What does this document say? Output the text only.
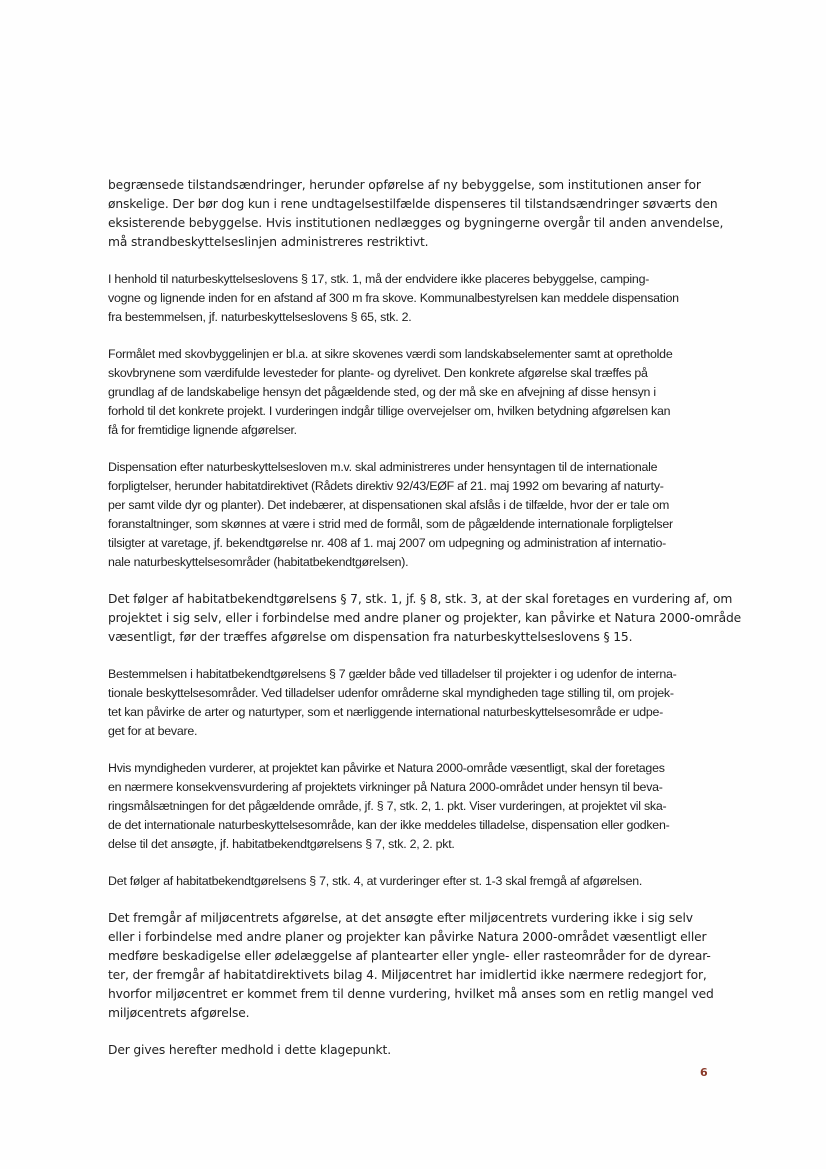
begrænsede tilstandsændringer, herunder opførelse af ny bebyggelse, som institutionen anser for
ønskelige. Der bør dog kun i rene undtagelsestilfælde dispenseres til tilstandsændringer søværts den
eksisterende bebyggelse. Hvis institutionen nedlægges og bygningerne overgår til anden anvendelse,
må strandbeskyttelseslinjen administreres restriktivt.

I henhold til naturbeskyttelseslovens § 17, stk. 1, må der endvidere ikke placeres bebyggelse, camping-
vogne og lignende inden for en afstand af 300 m fra skove. Kommunalbestyrelsen kan meddele dispensation
fra bestemmelsen, jf. naturbeskyttelseslovens § 65, stk. 2.

Formålet med skovbyggelinjen er bl.a. at sikre skovenes værdi som landskabselementer samt at opretholde
skovbrynene som værdifulde levesteder for plante- og dyrelivet. Den konkrete afgørelse skal træffes på
grundlag af de landskabelige hensyn det pågældende sted, og der må ske en afvejning af disse hensyn i
forhold til det konkrete projekt. I vurderingen indgår tillige overvejelser om, hvilken betydning afgørelsen kan
få for fremtidige lignende afgørelser.

Dispensation efter naturbeskyttelsesloven m.v. skal administreres under hensyntagen til de internationale
forpligtelser, herunder habitatdirektivet (Rådets direktiv 92/43/EØF af 21. maj 1992 om bevaring af naturty-
per samt vilde dyr og planter). Det indebærer, at dispensationen skal afslås i de tilfælde, hvor der er tale om
foranstaltninger, som skønnes at være i strid med de formål, som de pågældende internationale forpligtelser
tilsigter at varetage, jf. bekendtgørelse nr. 408 af 1. maj 2007 om udpegning og administration af internatio-
nale naturbeskyttelsesområder (habitatbekendtgørelsen).

Det følger af habitatbekendtgørelsens § 7, stk. 1, jf. § 8, stk. 3, at der skal foretages en vurdering af, om
projektet i sig selv, eller i forbindelse med andre planer og projekter, kan påvirke et Natura 2000-område
væsentligt, før der træffes afgørelse om dispensation fra naturbeskyttelseslovens § 15.

Bestemmelsen i habitatbekendtgørelsens § 7 gælder både ved tilladelser til projekter i og udenfor de interna-
tionale beskyttelsesområder. Ved tilladelser udenfor områderne skal myndigheden tage stilling til, om projek-
tet kan påvirke de arter og naturtyper, som et nærliggende international naturbeskyttelsesområde er udpe-
get for at bevare.

Hvis myndigheden vurderer, at projektet kan påvirke et Natura 2000-område væsentligt, skal der foretages
en nærmere konsekvensvurdering af projektets virkninger på Natura 2000-området under hensyn til beva-
ringsmålsætningen for det pågældende område, jf. § 7, stk. 2, 1. pkt. Viser vurderingen, at projektet vil ska-
de det internationale naturbeskyttelsesområde, kan der ikke meddeles tilladelse, dispensation eller godken-
delse til det ansøgte, jf. habitatbekendtgørelsens § 7, stk. 2, 2. pkt.

Det følger af habitatbekendtgørelsens § 7, stk. 4, at vurderinger efter st. 1-3 skal fremgå af afgørelsen.

Det fremgår af miljøcentrets afgørelse, at det ansøgte efter miljøcentrets vurdering ikke i sig selv
eller i forbindelse med andre planer og projekter kan påvirke Natura 2000-området væsentligt eller
medføre beskadigelse eller ødelæggelse af plantearter eller yngle- eller rasteområder for de dyrear-
ter, der fremgår af habitatdirektivets bilag 4. Miljøcentret har imidlertid ikke nærmere redegjort for,
hvorfor miljøcentret er kommet frem til denne vurdering, hvilket må anses som en retlig mangel ved
miljøcentrets afgørelse.

Der gives herefter medhold i dette klagepunkt.

6
